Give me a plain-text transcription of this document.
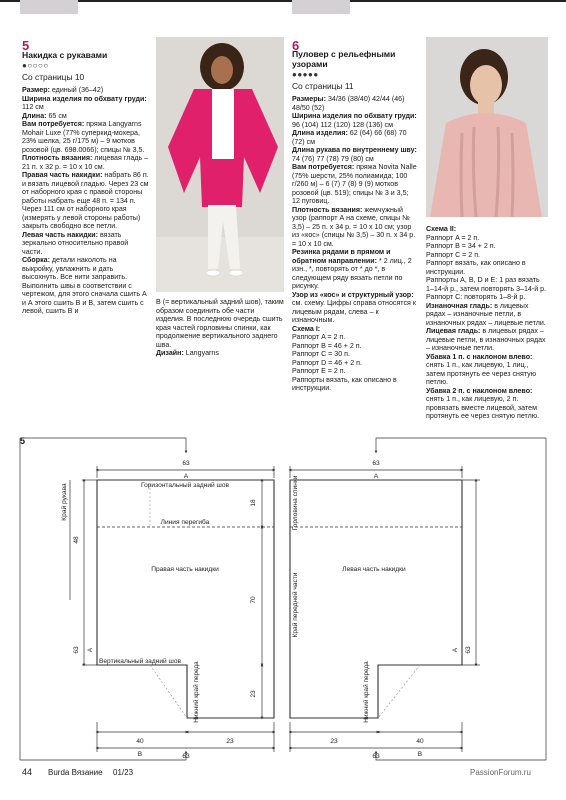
5
Накидка с рукавами
●○○○○
Со страницы 10
Размер: единый (36–42)
Ширина изделия по обхвату груди: 112 см
Длина: 65 см
Вам потребуется: пряжа Langyarns Mohair Luxe (77% суперкид-мохера, 23% шелка, 25 г/175 м) – 9 мотков розовой (цв. 698.0066); спицы № 3,5.
Плотность вязания: лицевая гладь – 21 п. х 32 р. = 10 х 10 см.
Правая часть накидки: набрать 86 п. и вязать лицевой гладью. Через 23 см от наборного края с правой стороны работы набрать еще 48 п. = 134 п. Через 111 см от наборного края (измерять у левой стороны работы) закрыть свободно все петли.
Левая часть накидки: вязать зеркально относительно правой части.
Сборка: детали наколоть на выкройку, увлажнить и дать высохнуть. Все нити заправить. Выполнить швы в соответствии с чертежом, для этого сначала сшить А и А этого сшить В и В, затем сшить с левой, сшить В и
В (= вертикальный задний шов), таким образом соединить обе части изделия. В последнюю очередь сшить края частей горловины спинки, как продолжение вертикального заднего шва.
Дизайн: Langyarns
6
Пуловер с рельефными узорами
●●●●●
Со страницы 11
Размеры: 34/36 (38/40) 42/44 (46) 48/50 (52)
Ширина изделия по обхвату груди: 96 (104) 112 (120) 128 (136) см
Длина изделия: 62 (64) 66 (68) 70 (72) см
Длина рукава по внутреннему шву: 74 (76) 77 (78) 79 (80) см
Вам потребуется: пряжа Novita Nalle (75% шерсти, 25% полиамида; 100 г/260 м) – 6 (7) 7 (8) 9 (9) мотков розовой (цв. 519); спицы № 3 и 3,5; 12 пуговиц.
Плотность вязания: жемчужный узор (раппорт А на схеме, спицы № 3,5) – 25 п. х 34 р. = 10 х 10 см; узор из «кос» (спицы № 3,5) – 30 п. х 34 р. = 10 х 10 см.
Резинка рядами в прямом и обратном направлении: * 2 лиц., 2 изн., *, повторять от * до *, в следующем ряду вязать петли по рисунку.
Узор из «кос» и структурный узор: см. схему. Цифры справа относятся к лицевым рядам, слева – к изнаночным.
Схема I:
Раппорт A = 2 п.
Раппорт B = 46 + 2 п.
Раппорт C = 30 п.
Раппорт D = 46 + 2 п.
Раппорт E = 2 п.
Раппорты вязать, как описано в инструкции.
Схема II:
Раппорт A = 2 п.
Раппорт B = 34 + 2 п.
Раппорт C = 2 п.
Раппорт вязать, как описано в инструкции.
Раппорты A, B, D и E: 1 раз вязать 1–14-й р., затем повторять 3–14-й р.
Раппорт С: повторять 1–8-й р.
Изнаночная гладь: в лицевых рядах – изнаночные петли, в изнаночных рядах – лицевые петли.
Лицевая гладь: в лицевых рядах – лицевые петли, в изнаночных рядах – изнаночные петли.
Убавка 1 п. с наклоном влево: снять 1 п., как лицевую, 1 лиц., затем протянуть ее через снятую петлю.
Убавка 2 п. с наклоном влево: снять 1 п., как лицевую, 2 п. провязать вместе лицевой, затем протянуть ее через снятую петлю.
5
63
A
Горизонтальный задний шов
Линия перегиба
Правая часть накидки
Вертикальный задний шов
18
70
23
48
Край рукава
63 A
40	23
63
B
63
A
Левая часть накидки
Горловина спинки
Край передней части
63
A
23	40
63	B
Нижний край переда	Нижний край переда
44 Burda Вязание 01/23	PassionForum.ru
